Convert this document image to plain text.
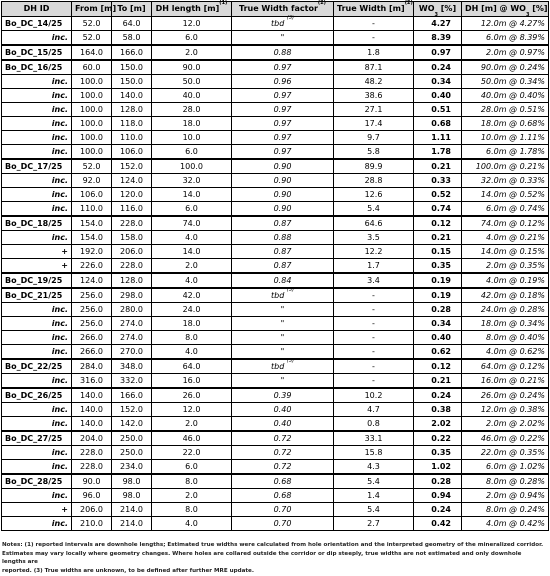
DH ID	From [m]	To [m]	DH length $[m]^{(1)}$	True Width factor$^{(2)}$	True Width $[m]^{(2)}$	WO3 [%]	DH [m] @ WO3 [%]
Bo_DC_14/25	52.0	64.0	12.0	tbd $^{(3)}$	-	4.27	12.0m @ 4.27%
inc.	52.0	58.0	6.0	"	-	8.39	6.0m @ 8.39%
Bo_DC_15/25	164.0	166.0	2.0	0.88	1.8	0.97	2.0m @ 0.97%
Bo_DC_16/25	60.0	150.0	90.0	0.97	87.1	0.24	90.0m @ 0.24%
inc.	100.0	150.0	50.0	0.96	48.2	0.34	50.0m @ 0.34%
inc.	100.0	140.0	40.0	0.97	38.6	0.40	40.0m @ 0.40%
inc.	100.0	128.0	28.0	0.97	27.1	0.51	28.0m @ 0.51%
inc.	100.0	118.0	18.0	0.97	17.4	0.68	18.0m @ 0.68%
inc.	100.0	110.0	10.0	0.97	9.7	1.11	10.0m @ 1.11%
inc.	100.0	106.0	6.0	0.97	5.8	1.78	6.0m @ 1.78%
Bo_DC_17/25	52.0	152.0	100.0	0.90	89.9	0.21	100.0m @ 0.21%
inc.	92.0	124.0	32.0	0.90	28.8	0.33	32.0m @ 0.33%
inc.	106.0	120.0	14.0	0.90	12.6	0.52	14.0m @ 0.52%
inc.	110.0	116.0	6.0	0.90	5.4	0.74	6.0m @ 0.74%
Bo_DC_18/25	154.0	228.0	74.0	0.87	64.6	0.12	74.0m @ 0.12%
inc.	154.0	158.0	4.0	0.88	3.5	0.21	4.0m @ 0.21%
+	192.0	206.0	14.0	0.87	12.2	0.15	14.0m @ 0.15%
+	226.0	228.0	2.0	0.87	1.7	0.35	2.0m @ 0.35%
Bo_DC_19/25	124.0	128.0	4.0	0.84	3.4	0.19	4.0m @ 0.19%
Bo_DC_21/25	256.0	298.0	42.0	tbd $^{(3)}$	-	0.19	42.0m @ 0.18%
inc.	256.0	280.0	24.0	"	-	0.28	24.0m @ 0.28%
inc.	256.0	274.0	18.0	"	-	0.34	18.0m @ 0.34%
inc.	266.0	274.0	8.0	"	-	0.40	8.0m @ 0.40%
inc.	266.0	270.0	4.0	"	-	0.62	4.0m @ 0.62%
Bo_DC_22/25	284.0	348.0	64.0	tbd $^{(3)}$	-	0.12	64.0m @ 0.12%
inc.	316.0	332.0	16.0	"	-	0.21	16.0m @ 0.21%
Bo_DC_26/25	140.0	166.0	26.0	0.39	10.2	0.24	26.0m @ 0.24%
inc.	140.0	152.0	12.0	0.40	4.7	0.38	12.0m @ 0.38%
inc.	140.0	142.0	2.0	0.40	0.8	2.02	2.0m @ 2.02%
Bo_DC_27/25	204.0	250.0	46.0	0.72	33.1	0.22	46.0m @ 0.22%
inc.	228.0	250.0	22.0	0.72	15.8	0.35	22.0m @ 0.35%
inc.	228.0	234.0	6.0	0.72	4.3	1.02	6.0m @ 1.02%
Bo_DC_28/25	90.0	98.0	8.0	0.68	5.4	0.28	8.0m @ 0.28%
inc.	96.0	98.0	2.0	0.68	1.4	0.94	2.0m @ 0.94%
+	206.0	214.0	8.0	0.70	5.4	0.24	8.0m @ 0.24%
inc.	210.0	214.0	4.0	0.70	2.7	0.42	4.0m @ 0.42%
Notes: (1) reported intervals are downhole lengths; Estimated true widths were calculated from hole orientation and the interpreted geometry of the mineralized corridor.
Estimates may vary locally where geometry changes. Where holes are collared outside the corridor or dip steeply, true widths are not estimated and only downhole lengths are
reported. (3) True widths are unknown, to be defined after further MRE update.
